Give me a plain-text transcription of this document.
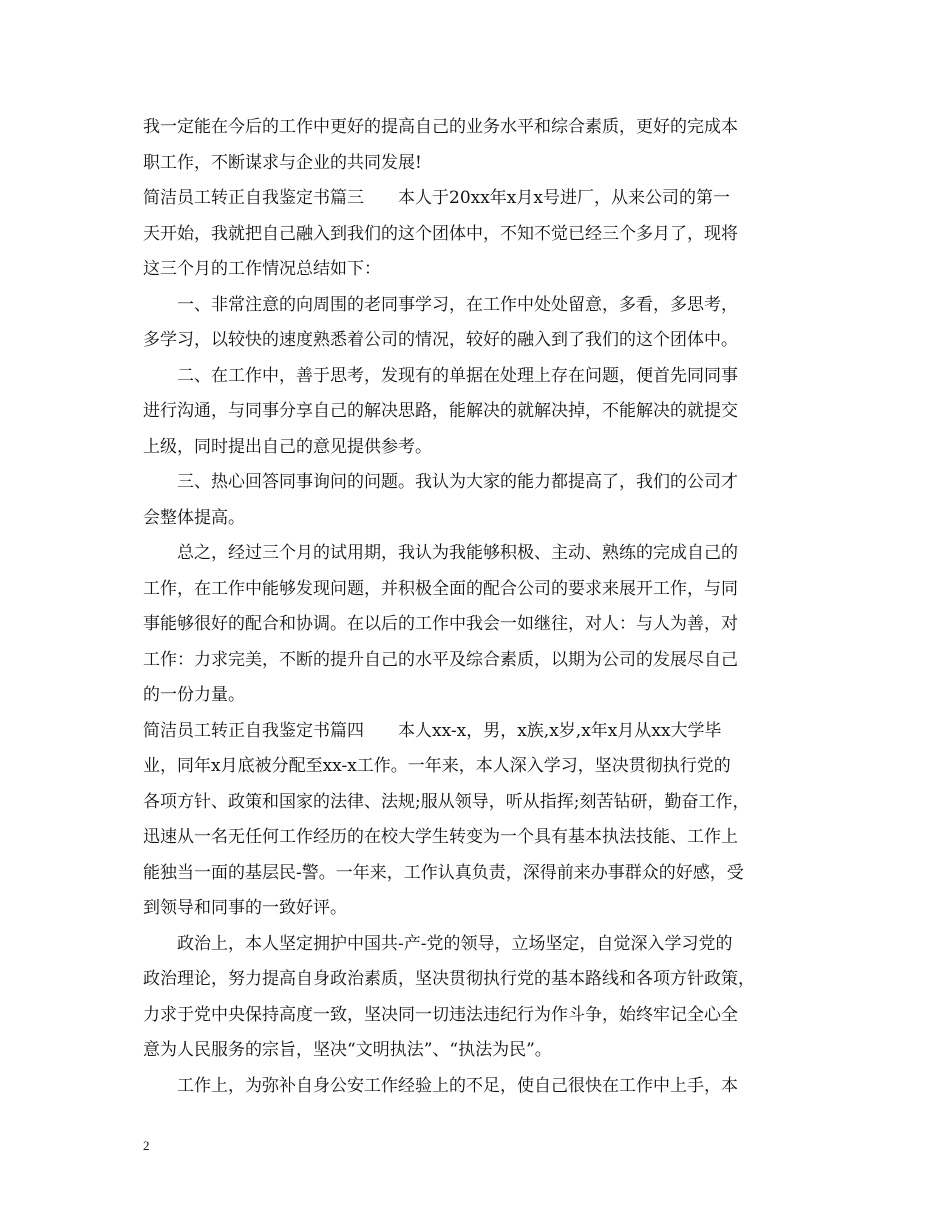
我一定能在今后的工作中更好的提高自己的业务水平和综合素质，更好的完成本
职工作，不断谋求与企业的共同发展!
简洁员工转正自我鉴定书篇三　　本人于20xx年x月x号进厂，从来公司的第一
天开始，我就把自己融入到我们的这个团体中，不知不觉已经三个多月了，现将
这三个月的工作情况总结如下：
　　一、非常注意的向周围的老同事学习，在工作中处处留意，多看，多思考，
多学习，以较快的速度熟悉着公司的情况，较好的融入到了我们的这个团体中。
　　二、在工作中，善于思考，发现有的单据在处理上存在问题，便首先同同事
进行沟通，与同事分享自己的解决思路，能解决的就解决掉，不能解决的就提交
上级，同时提出自己的意见提供参考。
　　三、热心回答同事询问的问题。我认为大家的能力都提高了，我们的公司才
会整体提高。
　　总之，经过三个月的试用期，我认为我能够积极、主动、熟练的完成自己的
工作，在工作中能够发现问题，并积极全面的配合公司的要求来展开工作，与同
事能够很好的配合和协调。在以后的工作中我会一如继往，对人：与人为善，对
工作：力求完美，不断的提升自己的水平及综合素质，以期为公司的发展尽自己
的一份力量。
简洁员工转正自我鉴定书篇四　　本人xx-x，男，x族,x岁,x年x月从xx大学毕
业，同年x月底被分配至xx-x工作。一年来，本人深入学习，坚决贯彻执行党的
各项方针、政策和国家的法律、法规;服从领导，听从指挥;刻苦钻研，勤奋工作，
迅速从一名无任何工作经历的在校大学生转变为一个具有基本执法技能、工作上
能独当一面的基层民-警。一年来，工作认真负责，深得前来办事群众的好感，受
到领导和同事的一致好评。
　　政治上，本人坚定拥护中国共-产-党的领导，立场坚定，自觉深入学习党的
政治理论，努力提高自身政治素质，坚决贯彻执行党的基本路线和各项方针政策，
力求于党中央保持高度一致，坚决同一切违法违纪行为作斗争，始终牢记全心全
意为人民服务的宗旨，坚决“文明执法”、“执法为民”。
　　工作上，为弥补自身公安工作经验上的不足，使自己很快在工作中上手，本
2
